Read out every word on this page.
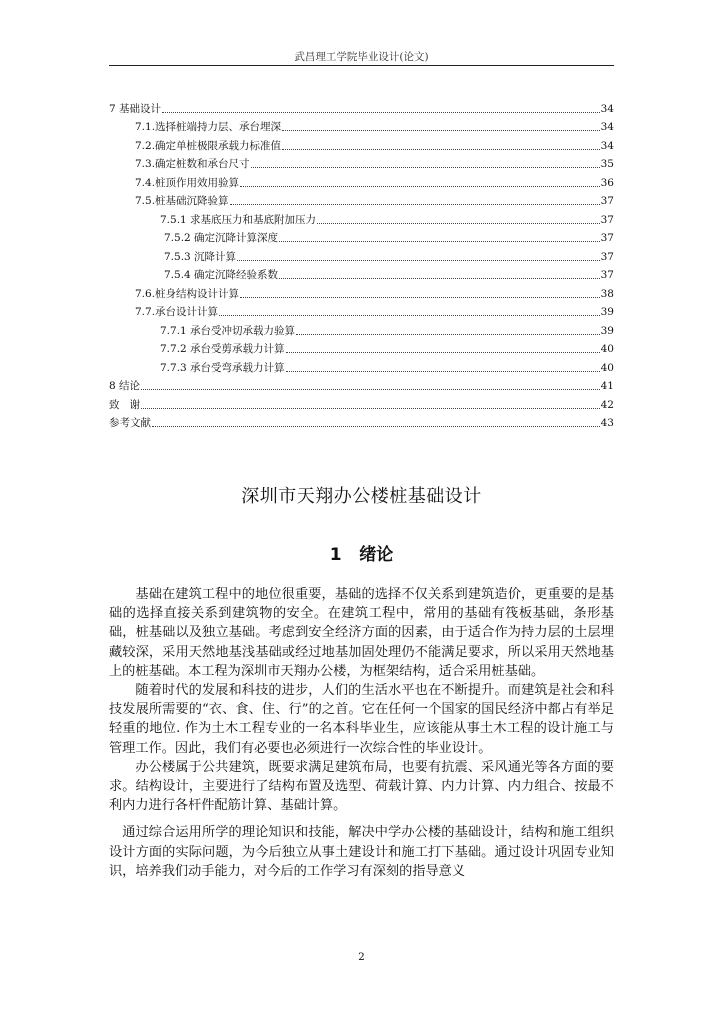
武昌理工学院毕业设计(论文)
7 基础设计	34
7.1.选择桩端持力层、承台埋深	34
7.2.确定单桩极限承载力标准值	34
7.3.确定桩数和承台尺寸	35
7.4.桩顶作用效用验算	36
7.5.桩基础沉降验算	37
7.5.1 求基底压力和基底附加压力	37
7.5.2 确定沉降计算深度	37
7.5.3 沉降计算	37
7.5.4 确定沉降经验系数	37
7.6.桩身结构设计计算	38
7.7.承台设计计算	39
7.7.1 承台受冲切承载力验算	39
7.7.2 承台受剪承载力计算	40
7.7.3 承台受弯承载力计算	40
8 结论	41
致   谢	42
参考文献	43
深圳市天翔办公楼桩基础设计
1   绪论

基础在建筑工程中的地位很重要，基础的选择不仅关系到建筑造价，更重要的是基础的选择直接关系到建筑物的安全。在建筑工程中，常用的基础有筏板基础，条形基础，桩基础以及独立基础。考虑到安全经济方面的因素，由于适合作为持力层的土层埋藏较深，采用天然地基浅基础或经过地基加固处理仍不能满足要求，所以采用天然地基上的桩基础。本工程为深圳市天翔办公楼，为框架结构，适合采用桩基础。

随着时代的发展和科技的进步，人们的生活水平也在不断提升。而建筑是社会和科技发展所需要的“衣、食、住、行”的之首。它在任何一个国家的国民经济中都占有举足轻重的地位. 作为土木工程专业的一名本科毕业生，应该能从事土木工程的设计施工与管理工作。因此，我们有必要也必须进行一次综合性的毕业设计。

办公楼属于公共建筑，既要求满足建筑布局，也要有抗震、采风通光等各方面的要求。结构设计，主要进行了结构布置及选型、荷载计算、内力计算、内力组合、按最不利内力进行各杆件配筋计算、基础计算。

通过综合运用所学的理论知识和技能，解决中学办公楼的基础设计，结构和施工组织设计方面的实际问题，为今后独立从事土建设计和施工打下基础。通过设计巩固专业知识，培养我们动手能力，对今后的工作学习有深刻的指导意义

2
